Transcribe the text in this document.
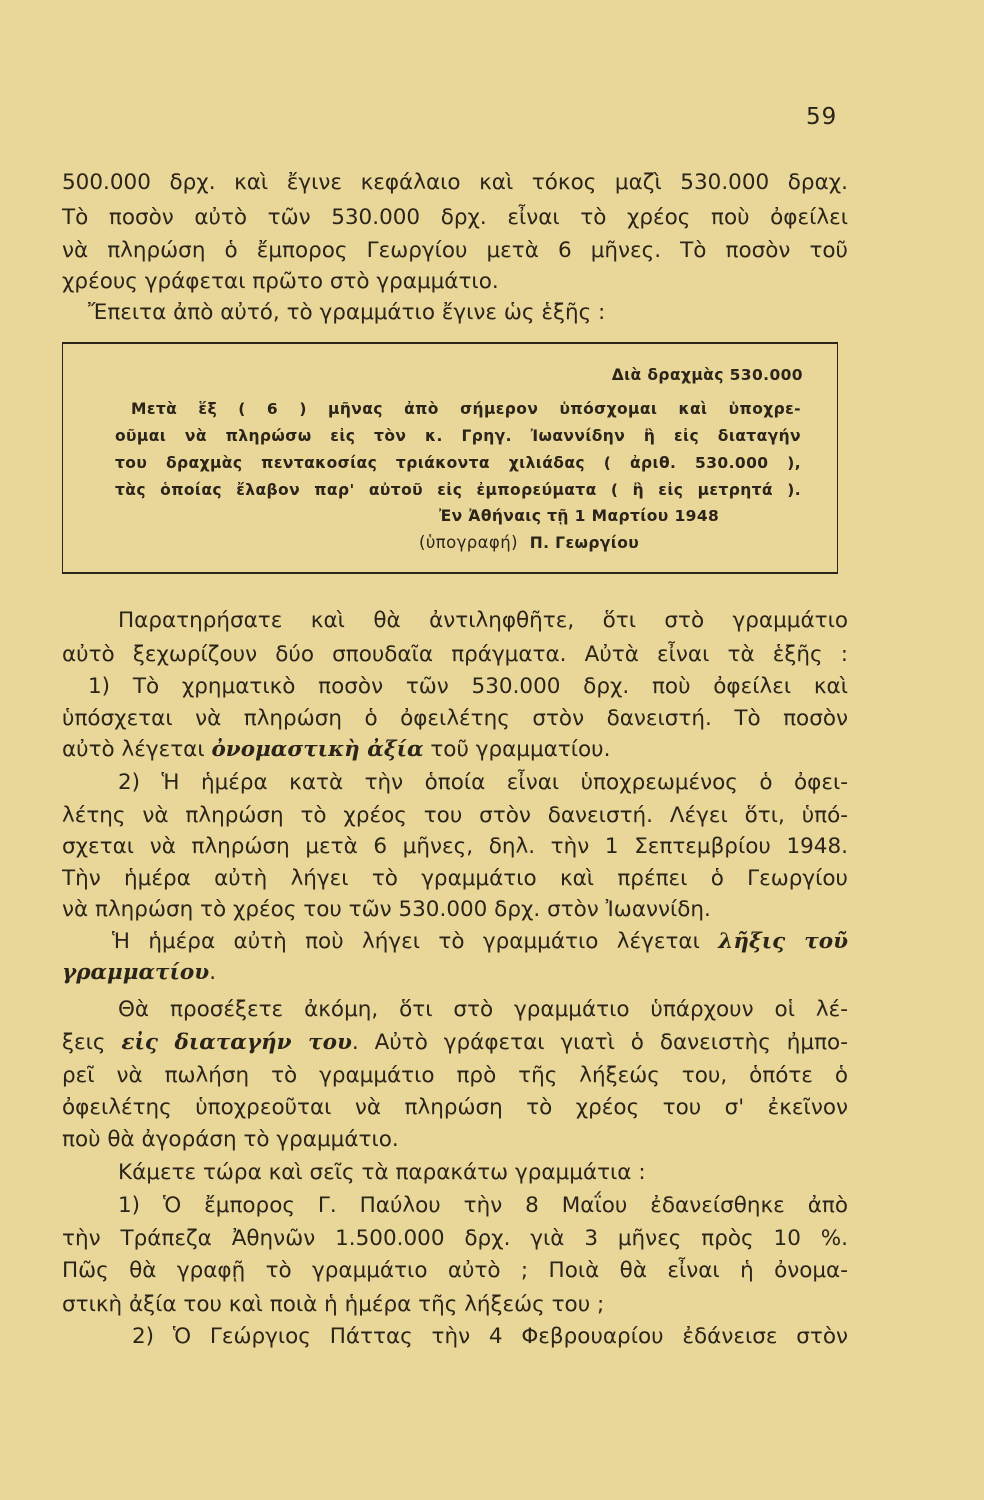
59
500.000 δρχ. καὶ ἔγινε κεφάλαιο καὶ τόκος μαζὶ 530.000 δραχ.
Τὸ ποσὸν αὐτὸ τῶν 530.000 δρχ. εἶναι τὸ χρέος ποὺ ὀφείλει
νὰ πληρώση ὁ ἔμπορος Γεωργίου μετὰ 6 μῆνες. Τὸ ποσὸν τοῦ
χρέους γράφεται πρῶτο στὸ γραμμάτιο.
Ἔπειτα ἀπὸ αὐτό, τὸ γραμμάτιο ἔγινε ὡς ἑξῆς :
Διὰ δραχμὰς 530.000
Μετὰ ἕξ ( 6 ) μῆνας ἀπὸ σήμερον ὑπόσχομαι καὶ ὑποχρε-
οῦμαι νὰ πληρώσω εἰς τὸν κ. Γρηγ. Ἰωαννίδην ἢ εἰς διαταγήν
του δραχμὰς πεντακοσίας τριάκοντα χιλιάδας ( ἀριθ. 530.000 ),
τὰς ὁποίας ἔλαβον παρ' αὐτοῦ εἰς ἐμπορεύματα ( ἢ εἰς μετρητά ).
Ἐν Ἀθήναις τῇ 1 Μαρτίου 1948
(ὑπογραφή) Π. Γεωργίου
Παρατηρήσατε καὶ θὰ ἀντιληφθῆτε, ὅτι στὸ γραμμάτιο
αὐτὸ ξεχωρίζουν δύο σπουδαῖα πράγματα. Αὐτὰ εἶναι τὰ ἑξῆς :
1) Τὸ χρηματικὸ ποσὸν τῶν 530.000 δρχ. ποὺ ὀφείλει καὶ
ὑπόσχεται νὰ πληρώση ὁ ὀφειλέτης στὸν δανειστή. Τὸ ποσὸν
αὐτὸ λέγεται ὀνομαστικὴ ἀξία τοῦ γραμματίου.
2) Ἡ ἡμέρα κατὰ τὴν ὁποία εἶναι ὑποχρεωμένος ὁ ὀφει-
λέτης νὰ πληρώση τὸ χρέος του στὸν δανειστή. Λέγει ὅτι, ὑπό-
σχεται νὰ πληρώση μετὰ 6 μῆνες, δηλ. τὴν 1 Σεπτεμβρίου 1948.
Τὴν ἡμέρα αὐτὴ λήγει τὸ γραμμάτιο καὶ πρέπει ὁ Γεωργίου
νὰ πληρώση τὸ χρέος του τῶν 530.000 δρχ. στὸν Ἰωαννίδη.
Ἡ ἡμέρα αὐτὴ ποὺ λήγει τὸ γραμμάτιο λέγεται λῆξις τοῦ
γραμματίου.
Θὰ προσέξετε ἀκόμη, ὅτι στὸ γραμμάτιο ὑπάρχουν οἱ λέ-
ξεις εἰς διαταγήν του. Αὐτὸ γράφεται γιατὶ ὁ δανειστὴς ἠμπο-
ρεῖ νὰ πωλήση τὸ γραμμάτιο πρὸ τῆς λήξεώς του, ὁπότε ὁ
ὀφειλέτης ὑποχρεοῦται νὰ πληρώση τὸ χρέος του σ' ἐκεῖνον
ποὺ θὰ ἀγοράση τὸ γραμμάτιο.
Κάμετε τώρα καὶ σεῖς τὰ παρακάτω γραμμάτια :
1) Ὁ ἔμπορος Γ. Παύλου τὴν 8 Μαΐου ἐδανείσθηκε ἀπὸ
τὴν Τράπεζα Ἀθηνῶν 1.500.000 δρχ. γιὰ 3 μῆνες πρὸς 10 %.
Πῶς θὰ γραφῇ τὸ γραμμάτιο αὐτὸ ; Ποιὰ θὰ εἶναι ἡ ὀνομα-
στικὴ ἀξία του καὶ ποιὰ ἡ ἡμέρα τῆς λήξεώς του ;
2) Ὁ Γεώργιος Πάττας τὴν 4 Φεβρουαρίου ἐδάνεισε στὸν
